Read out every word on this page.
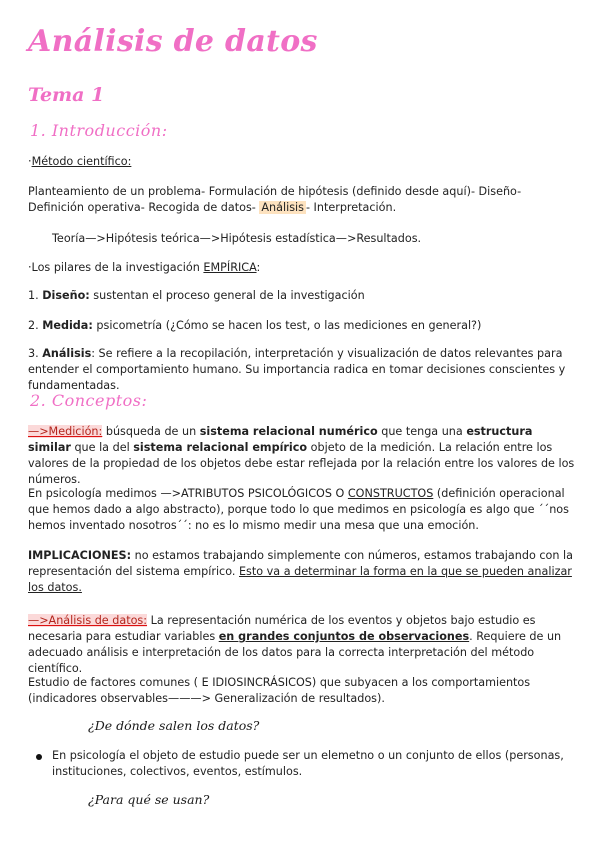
Análisis de datos
Tema 1
1. Introducción:
·Método científico:
Planteamiento de un problema- Formulación de hipótesis (definido desde aquí)- Diseño- Definición operativa- Recogida de datos- Análisis - Interpretación.
Teoría—>Hipótesis teórica—>Hipótesis estadística—>Resultados.
·Los pilares de la investigación EMPÍRICA:
1. Diseño: sustentan el proceso general de la investigación
2. Medida: psicometría (¿Cómo se hacen los test, o las mediciones en general?)
3. Análisis: Se refiere a la recopilación, interpretación y visualización de datos relevantes para entender el comportamiento humano. Su importancia radica en tomar decisiones conscientes y fundamentadas.
2. Conceptos:
—>Medición: búsqueda de un sistema relacional numérico que tenga una estructura similar que la del sistema relacional empírico objeto de la medición. La relación entre los valores de la propiedad de los objetos debe estar reflejada por la relación entre los valores de los números.
En psicología medimos —>ATRIBUTOS PSICOLÓGICOS O CONSTRUCTOS (definición operacional que hemos dado a algo abstracto), porque todo lo que medimos en psicología es algo que ´´nos hemos inventado nosotros´´: no es lo mismo medir una mesa que una emoción.
IMPLICACIONES: no estamos trabajando simplemente con números, estamos trabajando con la representación del sistema empírico. Esto va a determinar la forma en la que se pueden analizar los datos.
—>Análisis de datos: La representación numérica de los eventos y objetos bajo estudio es necesaria para estudiar variables en grandes conjuntos de observaciones. Requiere de un adecuado análisis e interpretación de los datos para la correcta interpretación del método científico.
Estudio de factores comunes ( E IDIOSINCRÁSICOS) que subyacen a los comportamientos (indicadores observables———> Generalización de resultados).
¿De dónde salen los datos?
En psicología el objeto de estudio puede ser un elemetno o un conjunto de ellos (personas, instituciones, colectivos, eventos, estímulos.
¿Para qué se usan?
